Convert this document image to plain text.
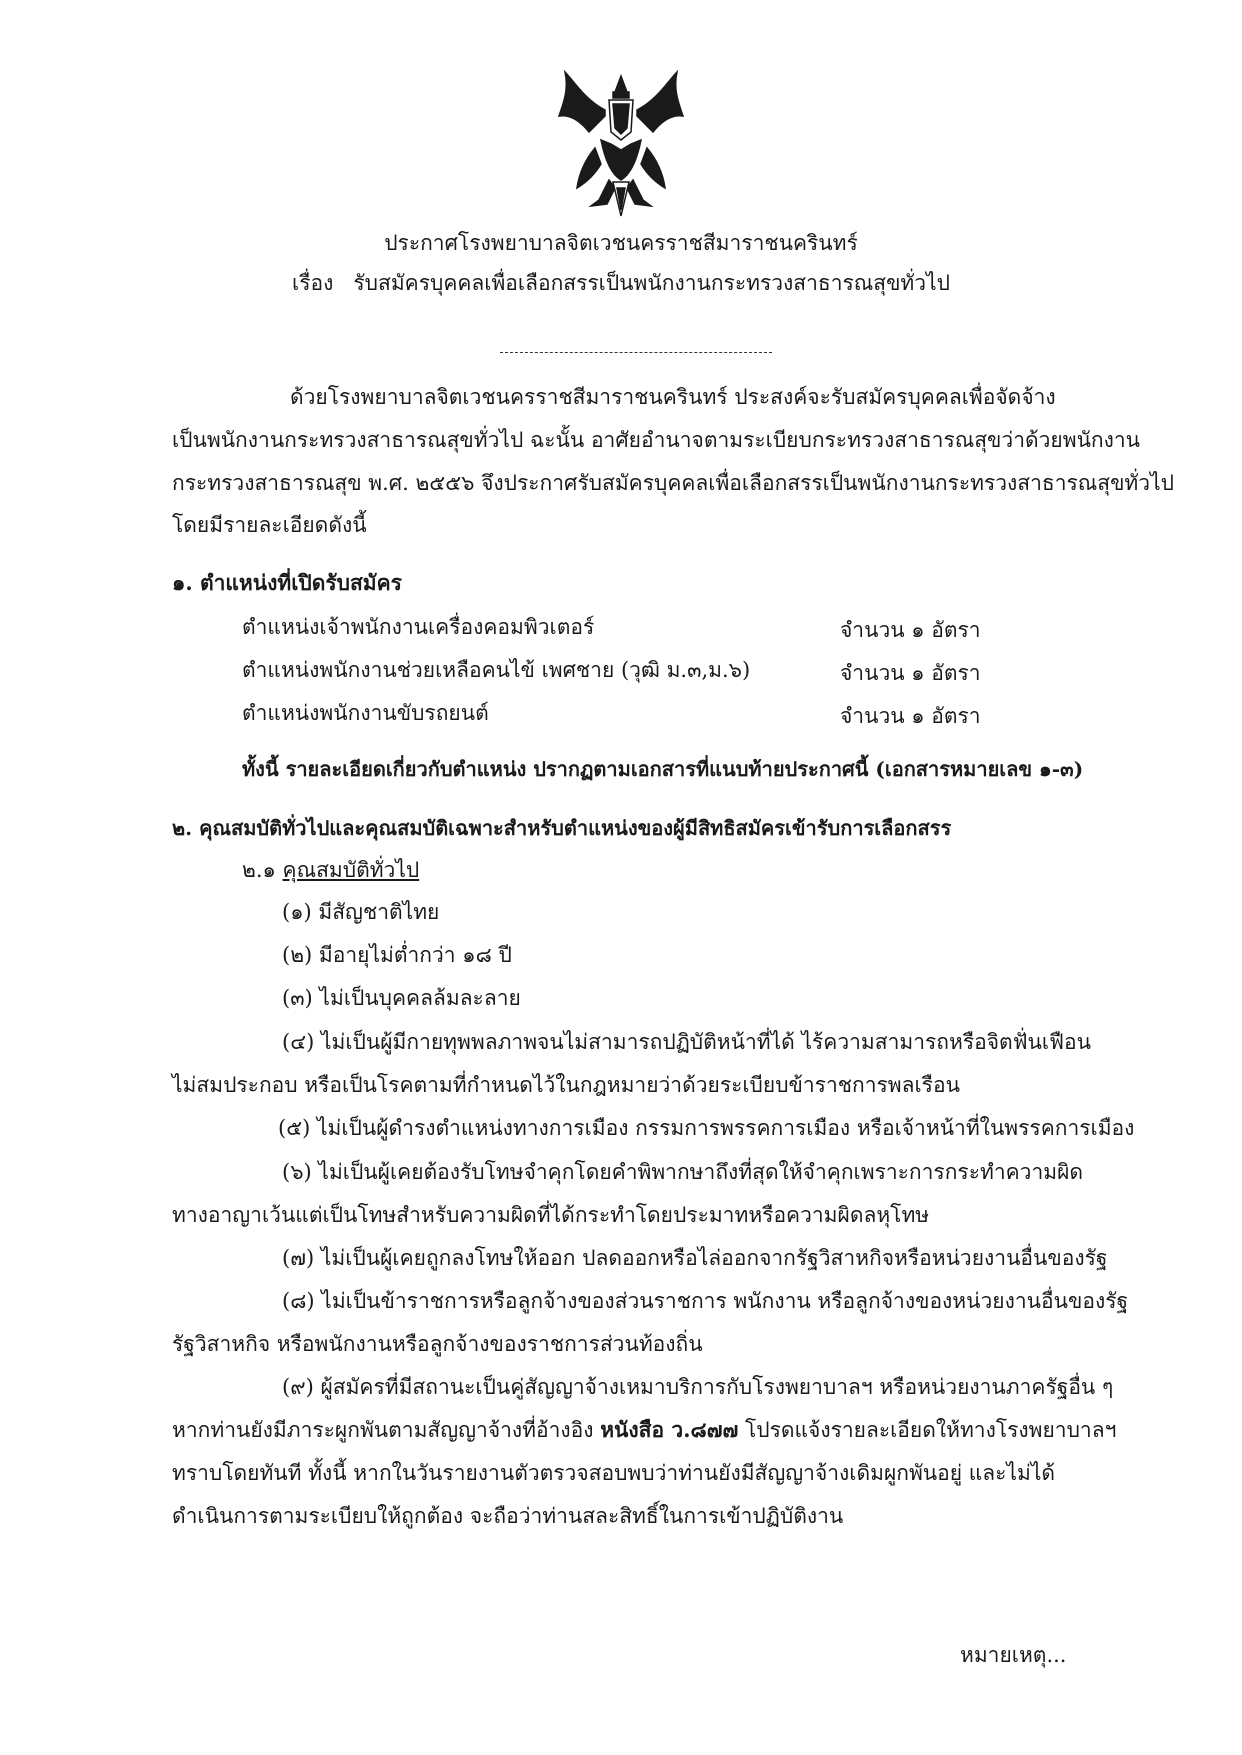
ประกาศโรงพยาบาลจิตเวชนครราชสีมาราชนครินทร์
เรื่อง รับสมัครบุคคลเพื่อเลือกสรรเป็นพนักงานกระทรวงสาธารณสุขทั่วไป
ด้วยโรงพยาบาลจิตเวชนครราชสีมาราชนครินทร์ ประสงค์จะรับสมัครบุคคลเพื่อจัดจ้าง
เป็นพนักงานกระทรวงสาธารณสุขทั่วไป ฉะนั้น อาศัยอำนาจตามระเบียบกระทรวงสาธารณสุขว่าด้วยพนักงาน
กระทรวงสาธารณสุข พ.ศ. ๒๕๕๖ จึงประกาศรับสมัครบุคคลเพื่อเลือกสรรเป็นพนักงานกระทรวงสาธารณสุขทั่วไป
โดยมีรายละเอียดดังนี้
๑. ตำแหน่งที่เปิดรับสมัคร
ตำแหน่งเจ้าพนักงานเครื่องคอมพิวเตอร์	จำนวน ๑ อัตรา
ตำแหน่งพนักงานช่วยเหลือคนไข้ เพศชาย (วุฒิ ม.๓,ม.๖)	จำนวน ๑ อัตรา
ตำแหน่งพนักงานขับรถยนต์	จำนวน ๑ อัตรา
ทั้งนี้ รายละเอียดเกี่ยวกับตำแหน่ง ปรากฏตามเอกสารที่แนบท้ายประกาศนี้ (เอกสารหมายเลข ๑-๓)
๒. คุณสมบัติทั่วไปและคุณสมบัติเฉพาะสำหรับตำแหน่งของผู้มีสิทธิสมัครเข้ารับการเลือกสรร
๒.๑ คุณสมบัติทั่วไป
(๑) มีสัญชาติไทย
(๒) มีอายุไม่ต่ำกว่า ๑๘ ปี
(๓) ไม่เป็นบุคคลล้มละลาย
(๔) ไม่เป็นผู้มีกายทุพพลภาพจนไม่สามารถปฏิบัติหน้าที่ได้ ไร้ความสามารถหรือจิตฟั่นเฟือน
ไม่สมประกอบ หรือเป็นโรคตามที่กำหนดไว้ในกฎหมายว่าด้วยระเบียบข้าราชการพลเรือน
(๕) ไม่เป็นผู้ดำรงตำแหน่งทางการเมือง กรรมการพรรคการเมือง หรือเจ้าหน้าที่ในพรรคการเมือง
(๖) ไม่เป็นผู้เคยต้องรับโทษจำคุกโดยคำพิพากษาถึงที่สุดให้จำคุกเพราะการกระทำความผิด
ทางอาญาเว้นแต่เป็นโทษสำหรับความผิดที่ได้กระทำโดยประมาทหรือความผิดลหุโทษ
(๗) ไม่เป็นผู้เคยถูกลงโทษให้ออก ปลดออกหรือไล่ออกจากรัฐวิสาหกิจหรือหน่วยงานอื่นของรัฐ
(๘) ไม่เป็นข้าราชการหรือลูกจ้างของส่วนราชการ พนักงาน หรือลูกจ้างของหน่วยงานอื่นของรัฐ
รัฐวิสาหกิจ หรือพนักงานหรือลูกจ้างของราชการส่วนท้องถิ่น
(๙) ผู้สมัครที่มีสถานะเป็นคู่สัญญาจ้างเหมาบริการกับโรงพยาบาลฯ หรือหน่วยงานภาครัฐอื่น ๆ
หากท่านยังมีภาระผูกพันตามสัญญาจ้างที่อ้างอิง หนังสือ ว.๘๗๗ โปรดแจ้งรายละเอียดให้ทางโรงพยาบาลฯ
ทราบโดยทันที ทั้งนี้ หากในวันรายงานตัวตรวจสอบพบว่าท่านยังมีสัญญาจ้างเดิมผูกพันอยู่ และไม่ได้
ดำเนินการตามระเบียบให้ถูกต้อง จะถือว่าท่านสละสิทธิ์ในการเข้าปฏิบัติงาน
หมายเหตุ...
